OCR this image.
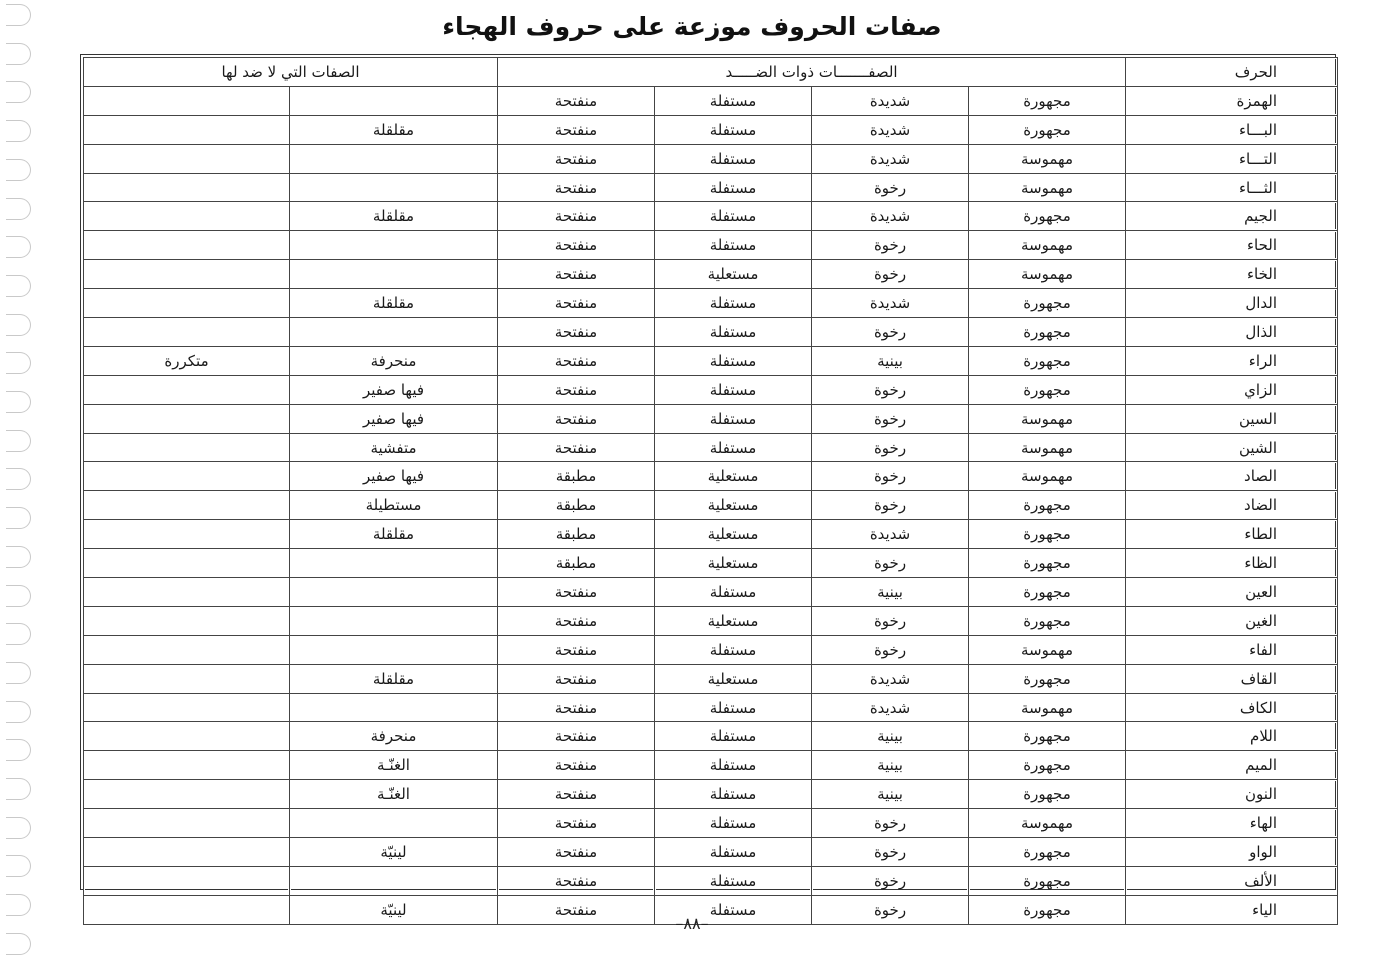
صفات الحروف موزعة على حروف الهجاء
الحرف	الصفـــــــات ذوات الضـــــد				الصفات التي لا ضد لها	
الهمزة	مجهورة	شديدة	مستفلة	منفتحة		
البـــاء	مجهورة	شديدة	مستفلة	منفتحة	مقلقلة	
التـــاء	مهموسة	شديدة	مستفلة	منفتحة		
الثـــاء	مهموسة	رخوة	مستفلة	منفتحة		
الجيم	مجهورة	شديدة	مستفلة	منفتحة	مقلقلة	
الحاء	مهموسة	رخوة	مستفلة	منفتحة		
الخاء	مهموسة	رخوة	مستعلية	منفتحة		
الدال	مجهورة	شديدة	مستفلة	منفتحة	مقلقلة	
الذال	مجهورة	رخوة	مستفلة	منفتحة		
الراء	مجهورة	بينية	مستفلة	منفتحة	منحرفة	متكررة
الزاي	مجهورة	رخوة	مستفلة	منفتحة	فيها صفير	
السين	مهموسة	رخوة	مستفلة	منفتحة	فيها صفير	
الشين	مهموسة	رخوة	مستفلة	منفتحة	متفشية	
الصاد	مهموسة	رخوة	مستعلية	مطبقة	فيها صفير	
الضاد	مجهورة	رخوة	مستعلية	مطبقة	مستطيلة	
الطاء	مجهورة	شديدة	مستعلية	مطبقة	مقلقلة	
الظاء	مجهورة	رخوة	مستعلية	مطبقة		
العين	مجهورة	بينية	مستفلة	منفتحة		
الغين	مجهورة	رخوة	مستعلية	منفتحة		
الفاء	مهموسة	رخوة	مستفلة	منفتحة		
القاف	مجهورة	شديدة	مستعلية	منفتحة	مقلقلة	
الكاف	مهموسة	شديدة	مستفلة	منفتحة		
اللام	مجهورة	بينية	مستفلة	منفتحة	منحرفة	
الميم	مجهورة	بينية	مستفلة	منفتحة	الغنّـة	
النون	مجهورة	بينية	مستفلة	منفتحة	الغنّـة	
الهاء	مهموسة	رخوة	مستفلة	منفتحة		
الواو	مجهورة	رخوة	مستفلة	منفتحة	لينيّة	
الألف	مجهورة	رخوة	مستفلة	منفتحة		
الياء	مجهورة	رخوة	مستفلة	منفتحة	لينيّة	
–٨٨–
